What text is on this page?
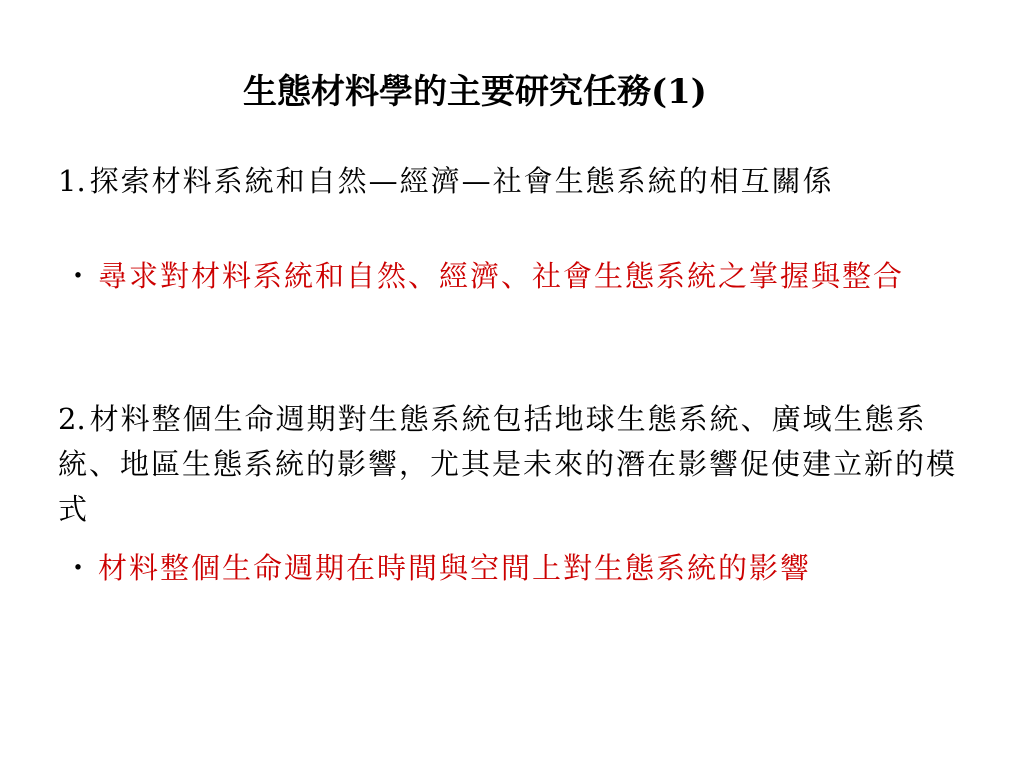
生態材料學的主要研究任務(1)

1. 探索材料系統和自然—經濟—社會生態系統的相互關係

・ 尋求對材料系統和自然、經濟、社會生態系統之掌握與整合

2. 材料整個生命週期對生態系統包括地球生態系統、廣域生態系統、地區生態系統的影響，尤其是未來的潛在影響促使建立新的模式

・ 材料整個生命週期在時間與空間上對生態系統的影響
